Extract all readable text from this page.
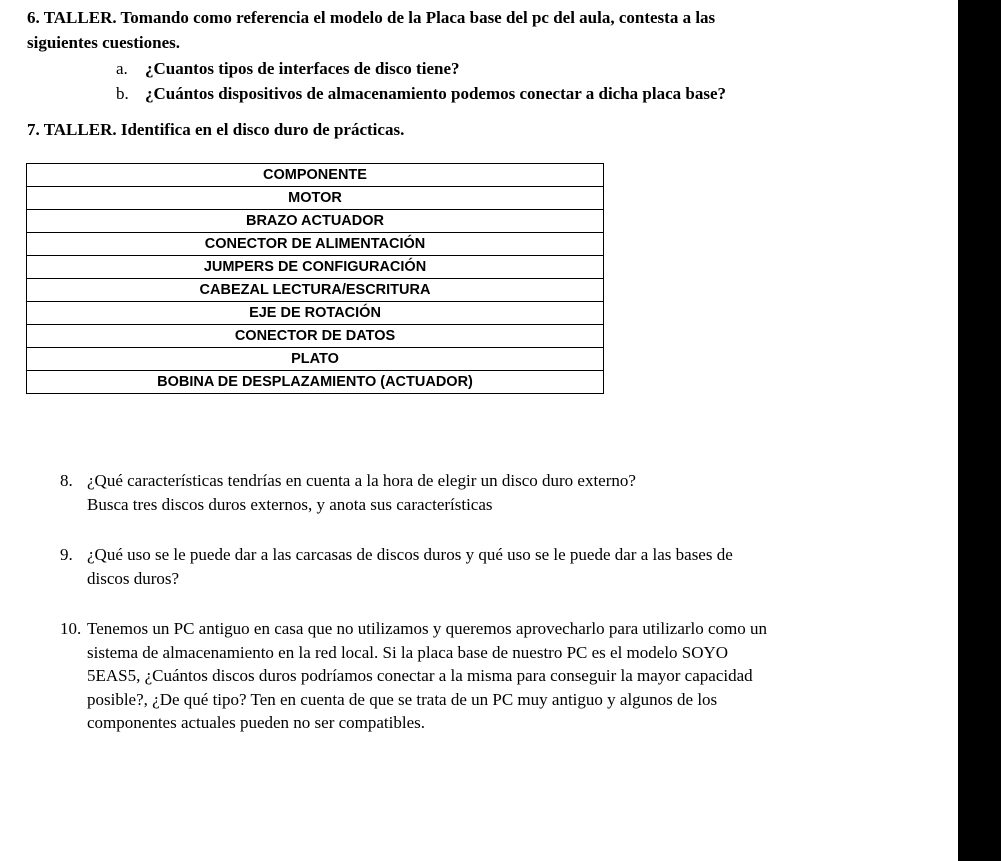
6. TALLER. Tomando como referencia el modelo de la Placa base del pc del aula, contesta a las
siguientes cuestiones.
a. ¿Cuantos tipos de interfaces de disco tiene?
b. ¿Cuántos dispositivos de almacenamiento podemos conectar a dicha placa base?
7. TALLER. Identifica en el disco duro de prácticas.
COMPONENTE
MOTOR
BRAZO ACTUADOR
CONECTOR DE ALIMENTACIÓN
JUMPERS DE CONFIGURACIÓN
CABEZAL LECTURA/ESCRITURA
EJE DE ROTACIÓN
CONECTOR DE DATOS
PLATO
BOBINA DE DESPLAZAMIENTO (ACTUADOR)
8. ¿Qué características tendrías en cuenta a la hora de elegir un disco duro externo?
Busca tres discos duros externos, y anota sus características
9. ¿Qué uso se le puede dar a las carcasas de discos duros y qué uso se le puede dar a las bases de
discos duros?
10. Tenemos un PC antiguo en casa que no utilizamos y queremos aprovecharlo para utilizarlo como un
sistema de almacenamiento en la red local. Si la placa base de nuestro PC es el modelo SOYO
5EAS5, ¿Cuántos discos duros podríamos conectar a la misma para conseguir la mayor capacidad
posible?, ¿De qué tipo? Ten en cuenta de que se trata de un PC muy antiguo y algunos de los
componentes actuales pueden no ser compatibles.
